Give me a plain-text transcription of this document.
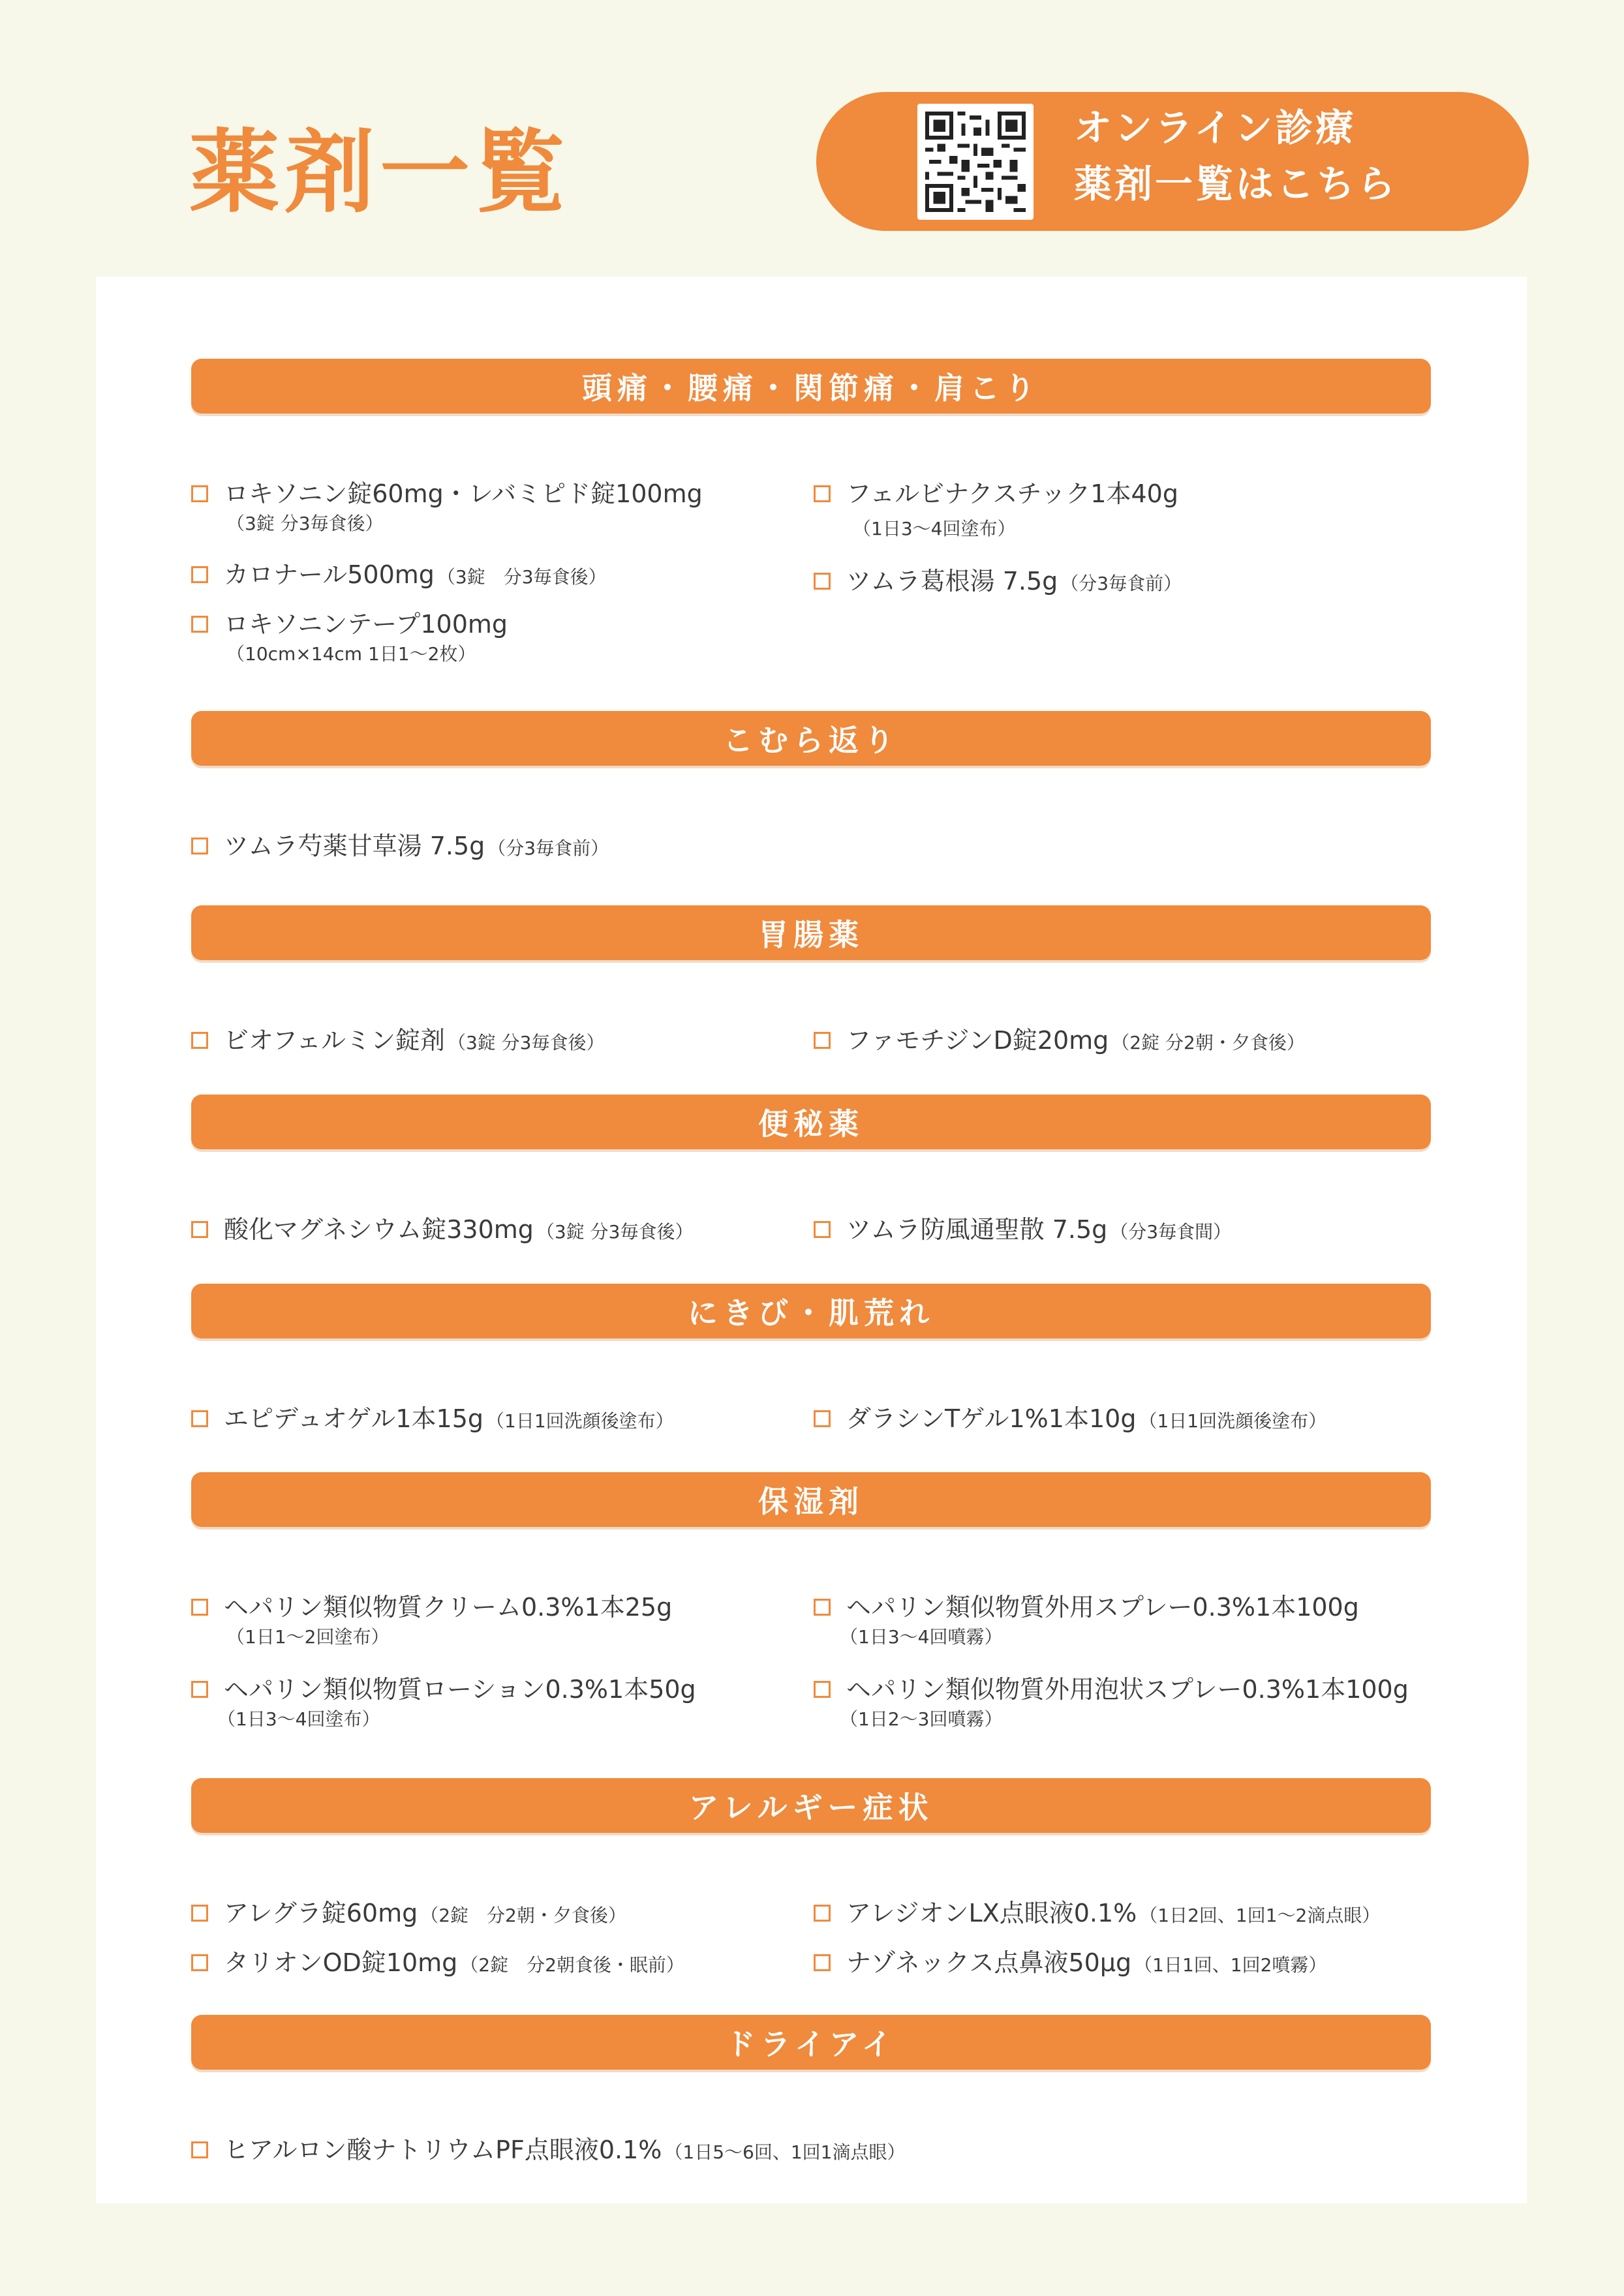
薬剤一覧	オンライン診療
薬剤一覧はこちら
頭痛・腰痛・関節痛・肩こり
ロキソニン錠60mg・レバミピド錠100mg
（3錠 分3毎食後）
フェルビナクスチック1本40g
（1日3～4回塗布）
カロナール500mg （3錠　分3毎食後）	ツムラ葛根湯 7.5g （分3毎食前）
ロキソニンテープ100mg
（10cm×14cm 1日1～2枚）
こむら返り
ツムラ芍薬甘草湯 7.5g （分3毎食前）
胃腸薬
ビオフェルミン錠剤 （3錠 分3毎食後）	ファモチジンD錠20mg （2錠 分2朝・夕食後）
便秘薬
酸化マグネシウム錠330mg （3錠 分3毎食後）	ツムラ防風通聖散 7.5g （分3毎食間）
にきび・肌荒れ
エピデュオゲル1本15g （1日1回洗顔後塗布）	ダラシンTゲル1%1本10g （1日1回洗顔後塗布）
保湿剤
ヘパリン類似物質クリーム0.3%1本25g
（1日1～2回塗布）
ヘパリン類似物質外用スプレー0.3%1本100g
（1日3～4回噴霧）
ヘパリン類似物質ローション0.3%1本50g
（1日3～4回塗布）
ヘパリン類似物質外用泡状スプレー0.3%1本100g
（1日2～3回噴霧）
アレルギー症状
アレグラ錠60mg （2錠　分2朝・夕食後）	アレジオンLX点眼液0.1% （1日2回、1回1～2滴点眼）
タリオンOD錠10mg （2錠　分2朝食後・眠前）	ナゾネックス点鼻液50μg （1日1回、1回2噴霧）
ドライアイ
ヒアルロン酸ナトリウムPF点眼液0.1% （1日5～6回、1回1滴点眼）
